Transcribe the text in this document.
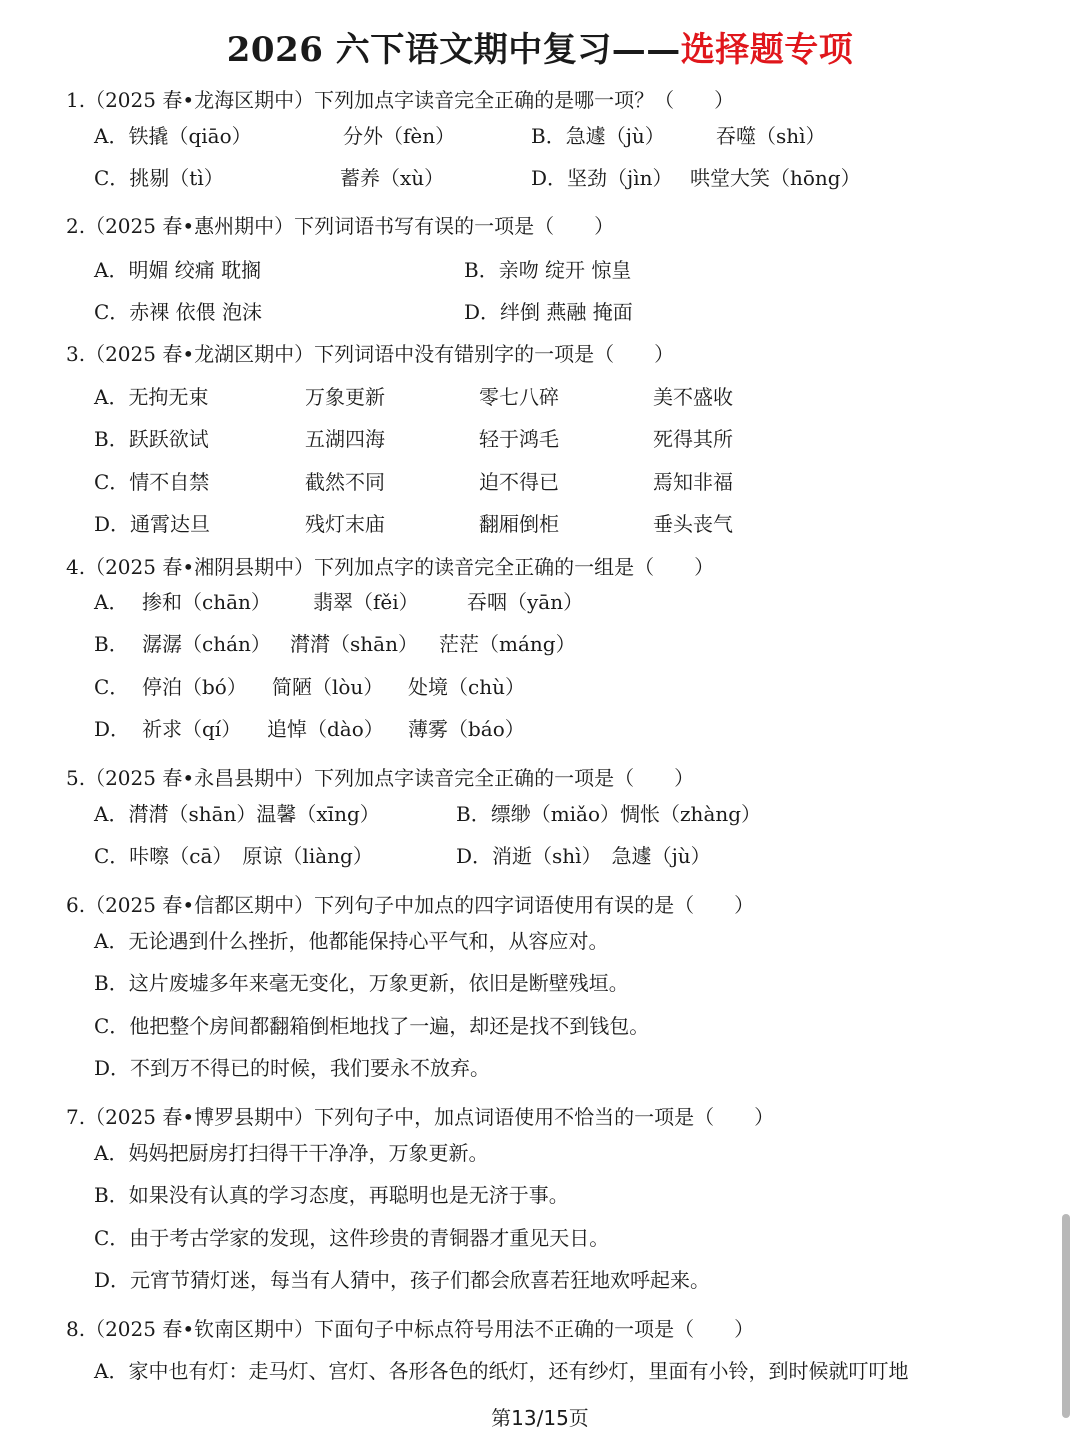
2026 六下语文期中复习——选择题专项
1.（2025 春•龙海区期中）下列加点字读音完全正确的是哪一项？（　　）
A．铁撬（qiāo）	分外（fèn）	B．急遽（jù）	吞噬（shì）
C．挑剔（tì）	蓄养（xù）	D．坚劲（jìn） 哄堂大笑（hōng）
2.（2025 春•惠州期中）下列词语书写有误的一项是（　　）
A．明媚 绞痛 耽搁	B．亲吻 绽开 惊皇
C．赤裸 依偎 泡沫	D．绊倒 燕融 掩面
3.（2025 春•龙湖区期中）下列词语中没有错别字的一项是（　　）
A．无拘无束	万象更新	零七八碎	美不盛收
B．跃跃欲试	五湖四海	轻于鸿毛	死得其所
C．情不自禁	截然不同	迫不得已	焉知非福
D．通霄达旦	残灯末庙	翻厢倒柜	垂头丧气
4.（2025 春•湘阴县期中）下列加点字的读音完全正确的一组是（　　）
A． 掺和（chān） 翡翠（fěi） 吞咽（yān）
B． 潺潺（chán） 潸潸（shān） 茫茫（máng）
C． 停泊（bó） 简陋（lòu） 处境（chù）
D． 祈求（qí） 追悼（dào） 薄雾（báo）
5.（2025 春•永昌县期中）下列加点字读音完全正确的一项是（　　）
A．潸潸（shān）温馨（xīng）	B．缥缈（miǎo）惆怅（zhàng）
C．咔嚓（cā）　原谅（liàng）	D．消逝（shì）　急遽（jù）
6.（2025 春•信都区期中）下列句子中加点的四字词语使用有误的是（　　）
A．无论遇到什么挫折，他都能保持心平气和，从容应对。
B．这片废墟多年来毫无变化，万象更新，依旧是断壁残垣。
C．他把整个房间都翻箱倒柜地找了一遍，却还是找不到钱包。
D．不到万不得已的时候，我们要永不放弃。
7.（2025 春•博罗县期中）下列句子中，加点词语使用不恰当的一项是（　　）
A．妈妈把厨房打扫得干干净净，万象更新。
B．如果没有认真的学习态度，再聪明也是无济于事。
C．由于考古学家的发现，这件珍贵的青铜器才重见天日。
D．元宵节猜灯迷，每当有人猜中，孩子们都会欣喜若狂地欢呼起来。
8.（2025 春•钦南区期中）下面句子中标点符号用法不正确的一项是（　　）
A．家中也有灯：走马灯、宫灯、各形各色的纸灯，还有纱灯，里面有小铃，到时候就叮叮地
第13/15页
